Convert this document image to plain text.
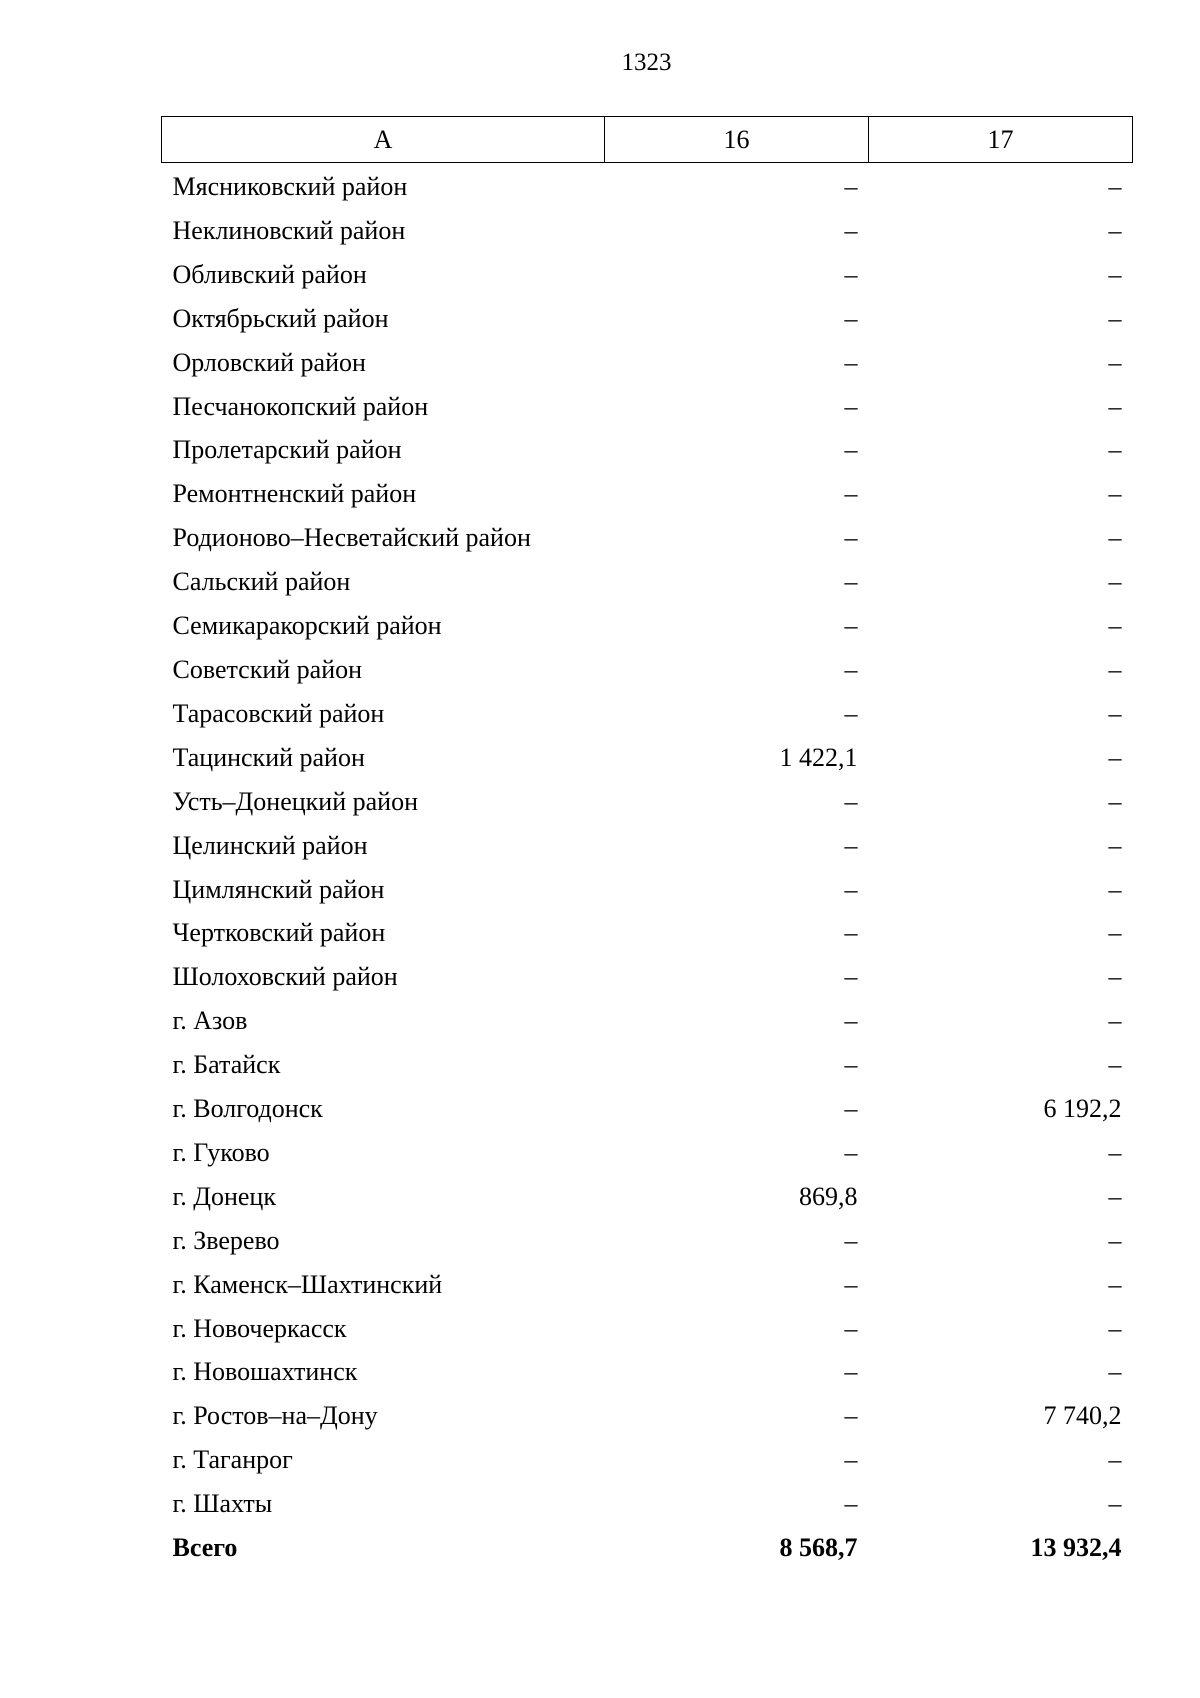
1323
А	16	17
Мясниковский район	–	–
Неклиновский район	–	–
Обливский район	–	–
Октябрьский район	–	–
Орловский район	–	–
Песчанокопский район	–	–
Пролетарский район	–	–
Ремонтненский район	–	–
Родионово–Несветайский район	–	–
Сальский район	–	–
Семикаракорский район	–	–
Советский район	–	–
Тарасовский район	–	–
Тацинский район	1 422,1	–
Усть–Донецкий район	–	–
Целинский район	–	–
Цимлянский район	–	–
Чертковский район	–	–
Шолоховский район	–	–
г. Азов	–	–
г. Батайск	–	–
г. Волгодонск	–	6 192,2
г. Гуково	–	–
г. Донецк	869,8	–
г. Зверево	–	–
г. Каменск–Шахтинский	–	–
г. Новочеркасск	–	–
г. Новошахтинск	–	–
г. Ростов–на–Дону	–	7 740,2
г. Таганрог	–	–
г. Шахты	–	–
Всего	8 568,7	13 932,4
